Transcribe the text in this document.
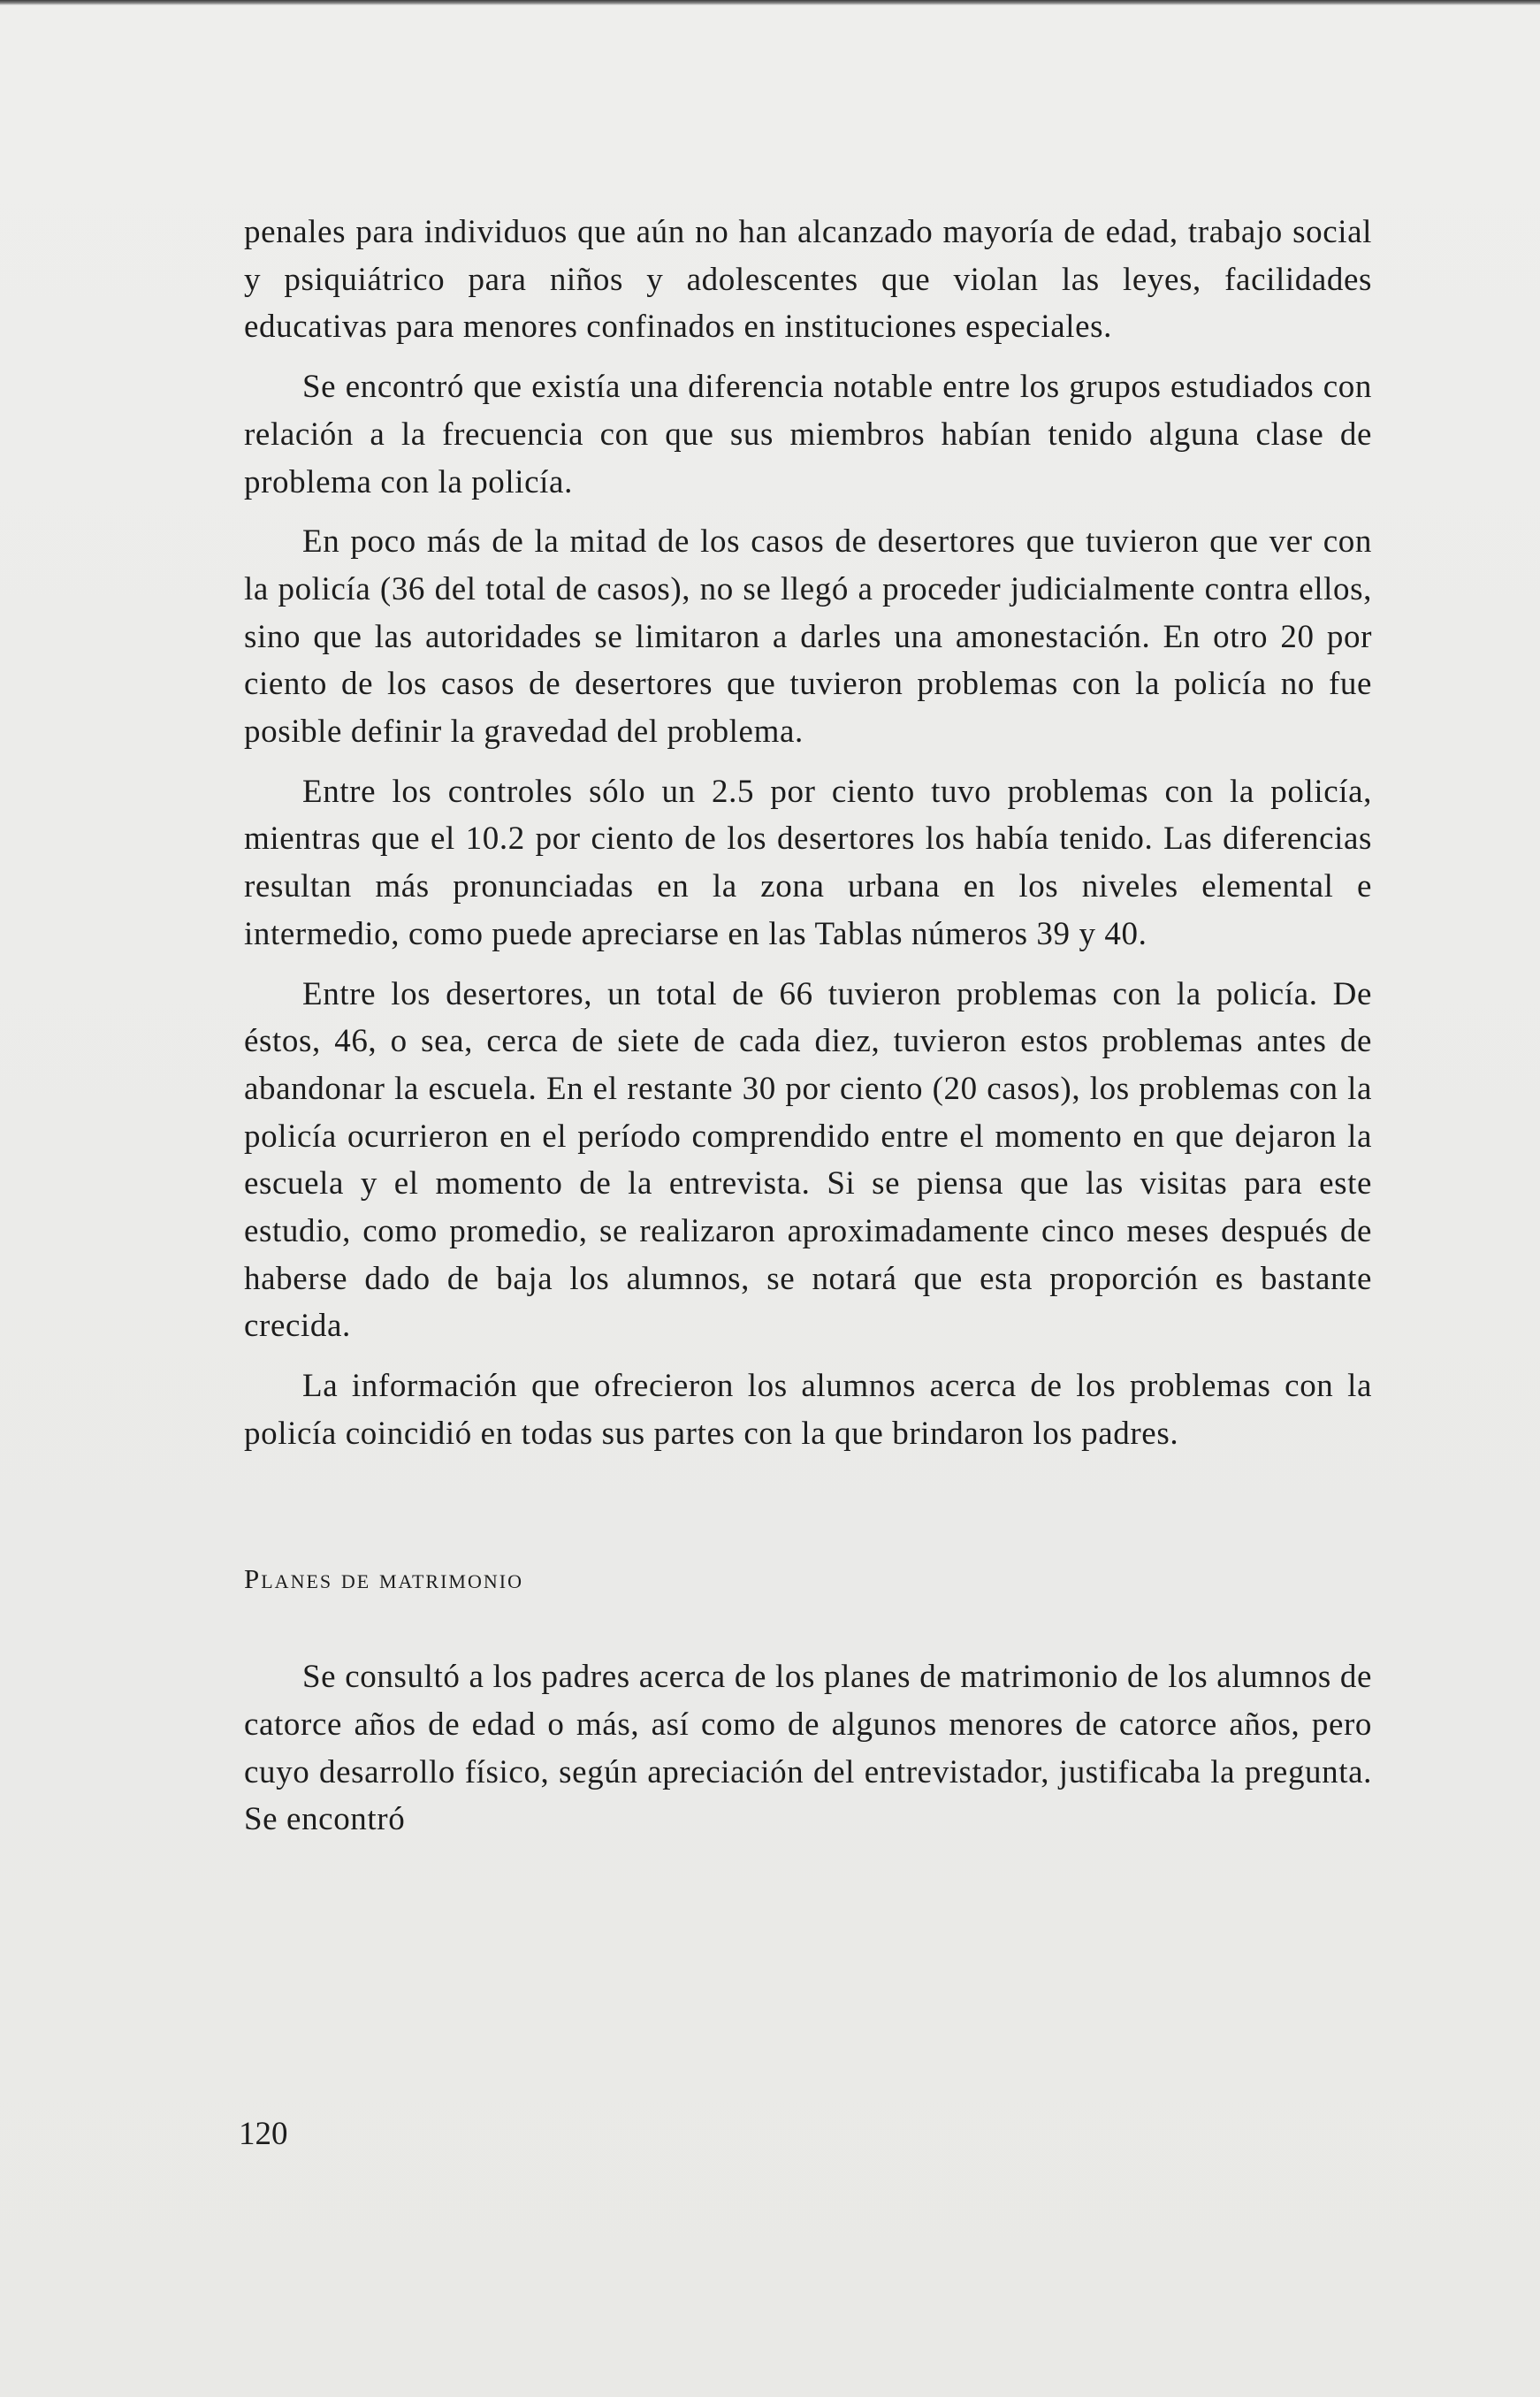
penales para individuos que aún no han alcanzado mayoría de edad, trabajo social y psiquiátrico para niños y adolescentes que violan las leyes, facilidades educativas para menores confinados en instituciones especiales.

Se encontró que existía una diferencia notable entre los grupos estudiados con relación a la frecuencia con que sus miembros habían tenido alguna clase de problema con la policía.

En poco más de la mitad de los casos de desertores que tuvieron que ver con la policía (36 del total de casos), no se llegó a proceder judicialmente contra ellos, sino que las autoridades se limitaron a darles una amonestación. En otro 20 por ciento de los casos de desertores que tuvieron problemas con la policía no fue posible definir la gravedad del problema.

Entre los controles sólo un 2.5 por ciento tuvo problemas con la policía, mientras que el 10.2 por ciento de los desertores los había tenido. Las diferencias resultan más pronunciadas en la zona urbana en los niveles elemental e intermedio, como puede apreciarse en las Tablas números 39 y 40.

Entre los desertores, un total de 66 tuvieron problemas con la policía. De éstos, 46, o sea, cerca de siete de cada diez, tuvieron estos problemas antes de abandonar la escuela. En el restante 30 por ciento (20 casos), los problemas con la policía ocurrieron en el período comprendido entre el momento en que dejaron la escuela y el momento de la entrevista. Si se piensa que las visitas para este estudio, como promedio, se realizaron aproximadamente cinco meses después de haberse dado de baja los alumnos, se notará que esta proporción es bastante crecida.

La información que ofrecieron los alumnos acerca de los problemas con la policía coincidió en todas sus partes con la que brindaron los padres.

Planes de matrimonio

Se consultó a los padres acerca de los planes de matrimonio de los alumnos de catorce años de edad o más, así como de algunos menores de catorce años, pero cuyo desarrollo físico, según apreciación del entrevistador, justificaba la pregunta. Se encontró

120
